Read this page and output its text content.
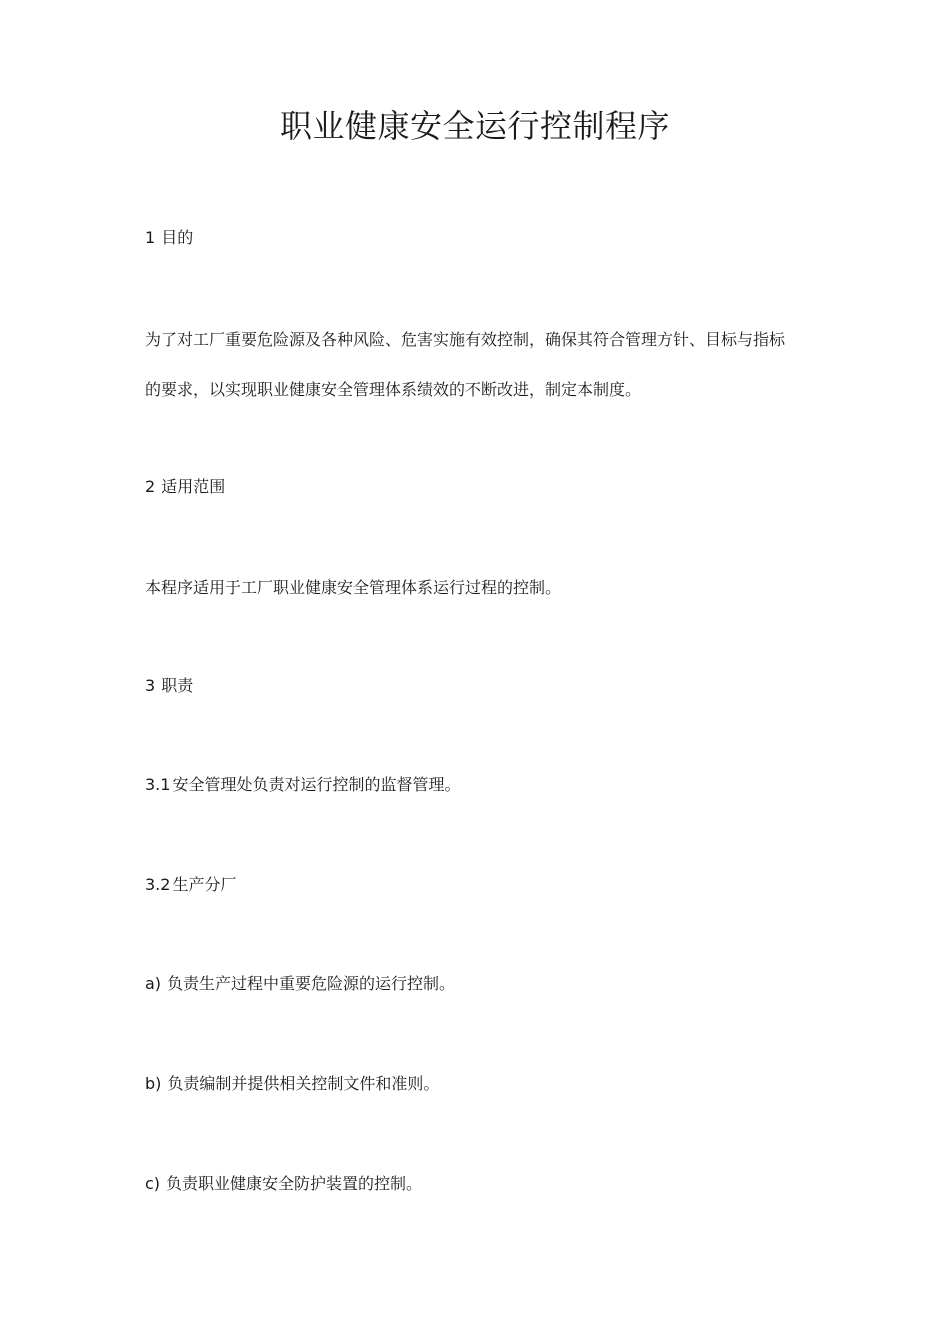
职业健康安全运行控制程序

1 目的

为了对工厂重要危险源及各种风险、危害实施有效控制，确保其符合管理方针、目标与指标

的要求，以实现职业健康安全管理体系绩效的不断改进，制定本制度。

2 适用范围

本程序适用于工厂职业健康安全管理体系运行过程的控制。

3 职责

3.1 安全管理处负责对运行控制的监督管理。

3.2 生产分厂

a) 负责生产过程中重要危险源的运行控制。

b) 负责编制并提供相关控制文件和准则。

c) 负责职业健康安全防护装置的控制。
